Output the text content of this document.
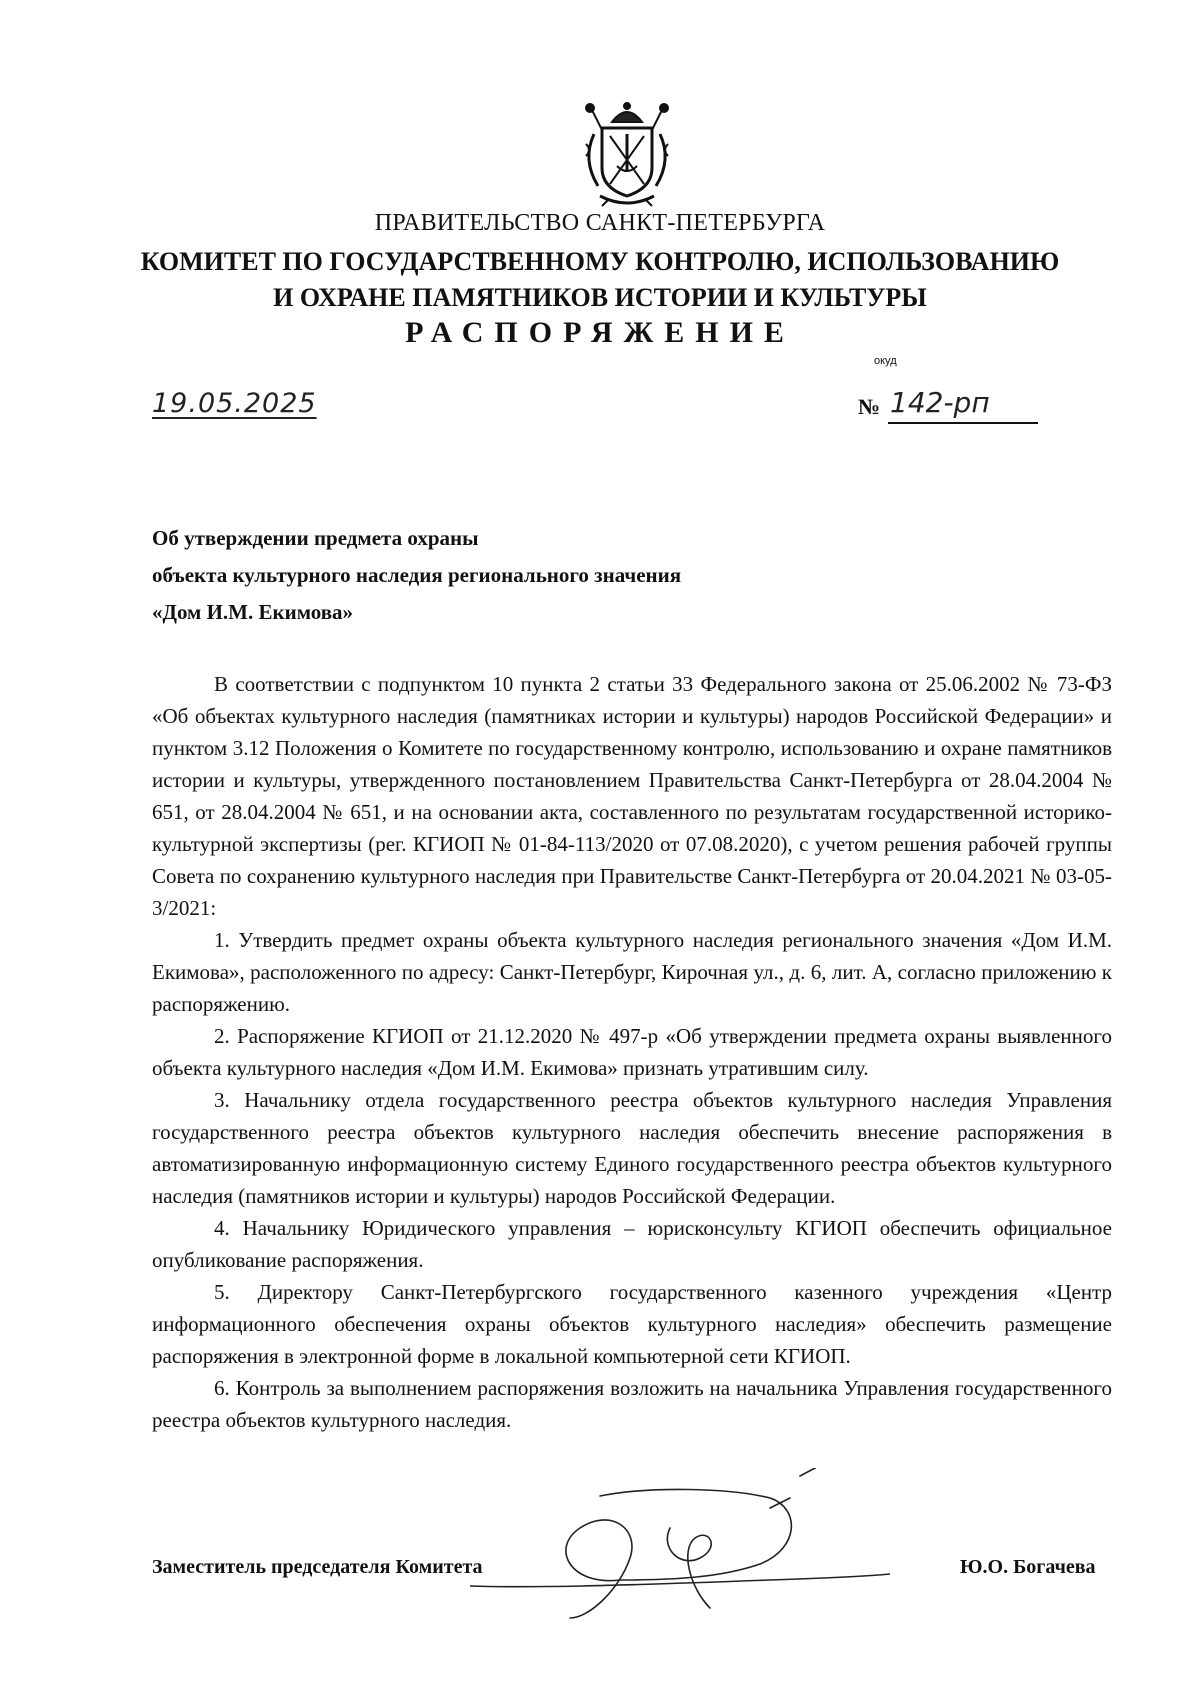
ПРАВИТЕЛЬСТВО САНКТ-ПЕТЕРБУРГА
КОМИТЕТ ПО ГОСУДАРСТВЕННОМУ КОНТРОЛЮ, ИСПОЛЬЗОВАНИЮ
И ОХРАНЕ ПАМЯТНИКОВ ИСТОРИИ И КУЛЬТУРЫ
РАСПОРЯЖЕНИЕ
окуд
19.05.2025	№ 142-рп
Об утверждении предмета охраны
объекта культурного наследия регионального значения
«Дом И.М. Екимова»

В соответствии с подпунктом 10 пункта 2 статьи 33 Федерального закона от 25.06.2002 № 73-ФЗ «Об объектах культурного наследия (памятниках истории и культуры) народов Российской Федерации» и пунктом 3.12 Положения о Комитете по государственному контролю, использованию и охране памятников истории и культуры, утвержденного постановлением Правительства Санкт-Петербурга от 28.04.2004 № 651, от 28.04.2004 № 651, и на основании акта, составленного по результатам государственной историко-культурной экспертизы (рег. КГИОП № 01-84-113/2020 от 07.08.2020), с учетом решения рабочей группы Совета по сохранению культурного наследия при Правительстве Санкт-Петербурга от 20.04.2021 № 03-05-3/2021:

1. Утвердить предмет охраны объекта культурного наследия регионального значения «Дом И.М. Екимова», расположенного по адресу: Санкт-Петербург, Кирочная ул., д. 6, лит. А, согласно приложению к распоряжению.

2. Распоряжение КГИОП от 21.12.2020 № 497-р «Об утверждении предмета охраны выявленного объекта культурного наследия «Дом И.М. Екимова» признать утратившим силу.

3. Начальнику отдела государственного реестра объектов культурного наследия Управления государственного реестра объектов культурного наследия обеспечить внесение распоряжения в автоматизированную информационную систему Единого государственного реестра объектов культурного наследия (памятников истории и культуры) народов Российской Федерации.

4. Начальнику Юридического управления – юрисконсульту КГИОП обеспечить официальное опубликование распоряжения.

5. Директору Санкт-Петербургского государственного казенного учреждения «Центр информационного обеспечения охраны объектов культурного наследия» обеспечить размещение распоряжения в электронной форме в локальной компьютерной сети КГИОП.

6. Контроль за выполнением распоряжения возложить на начальника Управления государственного реестра объектов культурного наследия.

Заместитель председателя Комитета	Ю.О. Богачева
